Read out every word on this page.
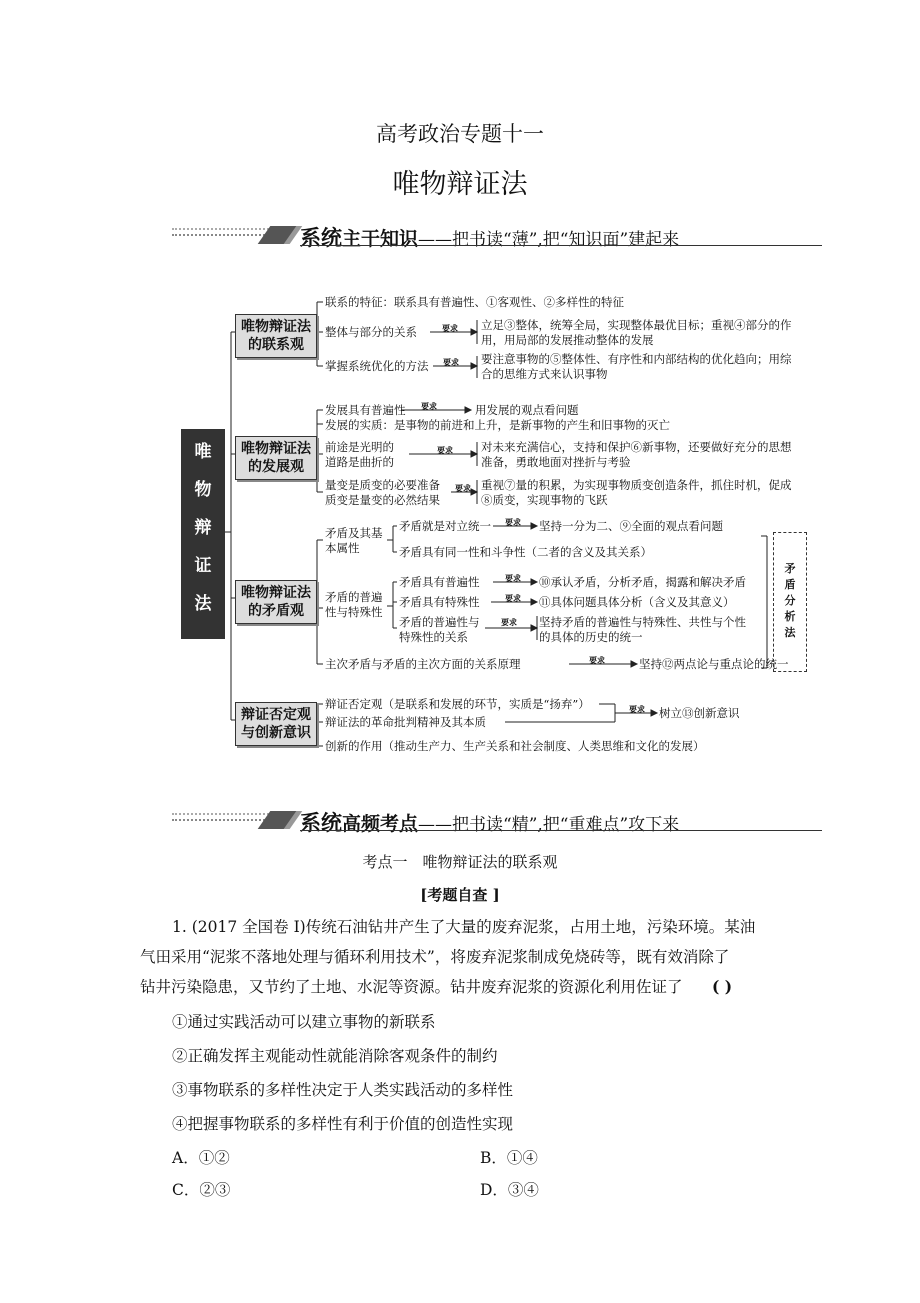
高考政治专题十一
唯物辩证法
系统主干知识——把书读“薄”,把“知识面”建起来
唯
物
辩
证
法
唯物辩证法的联系观
唯物辩证法的发展观
唯物辩证法的矛盾观
辩证否定观与创新意识
联系的特征：联系具有普遍性、①客观性、②多样性的特征
整体与部分的关系	要求 立足③整体，统筹全局，实现整体最优目标；重视④部分的作
用，用局部的发展推动整体的发展
掌握系统优化的方法 要求 要注意事物的⑤整体性、有序性和内部结构的优化趋向；用综
合的思维方式来认识事物
发展具有普遍性 要求	用发展的观点看问题
发展的实质：是事物的前进和上升，是新事物的产生和旧事物的灭亡
前途是光明的
道路是曲折的
要求 对未来充满信心，支持和保护⑥新事物，还要做好充分的思想
准备，勇敢地面对挫折与考验
量变是质变的必要准备
质变是量变的必然结果
要求 重视⑦量的积累，为实现事物质变创造条件，抓住时机，促成
⑧质变，实现事物的飞跃
矛盾及其基
本属性
矛盾就是对立统一 要求 坚持一分为二、⑨全面的观点看问题
矛盾具有同一性和斗争性（二者的含义及其关系）
矛盾的普遍
性与特殊性
矛盾具有普遍性	要求 ⑩承认矛盾，分析矛盾，揭露和解决矛盾
矛盾具有特殊性	要求 ⑪具体问题具体分析（含义及其意义）
矛盾的普遍性与
特殊性的关系
要求 坚持矛盾的普遍性与特殊性、共性与个性
的具体的历史的统一
主次矛盾与矛盾的主次方面的关系原理	要求	坚持⑫两点论与重点论的统一
矛盾分析法
辩证否定观（是联系和发展的环节，实质是“扬弃”）
辩证法的革命批判精神及其本质
要求 树立⑬创新意识
创新的作用（推动生产力、生产关系和社会制度、人类思维和文化的发展）
系统高频考点——把书读“精”,把“重难点”攻下来
考点一　唯物辩证法的联系观
[考题自查 ]
1. (2017 全国卷 Ⅰ)传统石油钻井产生了大量的废弃泥浆，占用土地，污染环境。某油
气田采用“泥浆不落地处理与循环利用技术”，将废弃泥浆制成免烧砖等，既有效消除了
钻井污染隐患，又节约了土地、水泥等资源。钻井废弃泥浆的资源化利用佐证了	( )
①通过实践活动可以建立事物的新联系
②正确发挥主观能动性就能消除客观条件的制约
③事物联系的多样性决定于人类实践活动的多样性
④把握事物联系的多样性有利于价值的创造性实现
A．①②	B．①④
C．②③	D．③④
